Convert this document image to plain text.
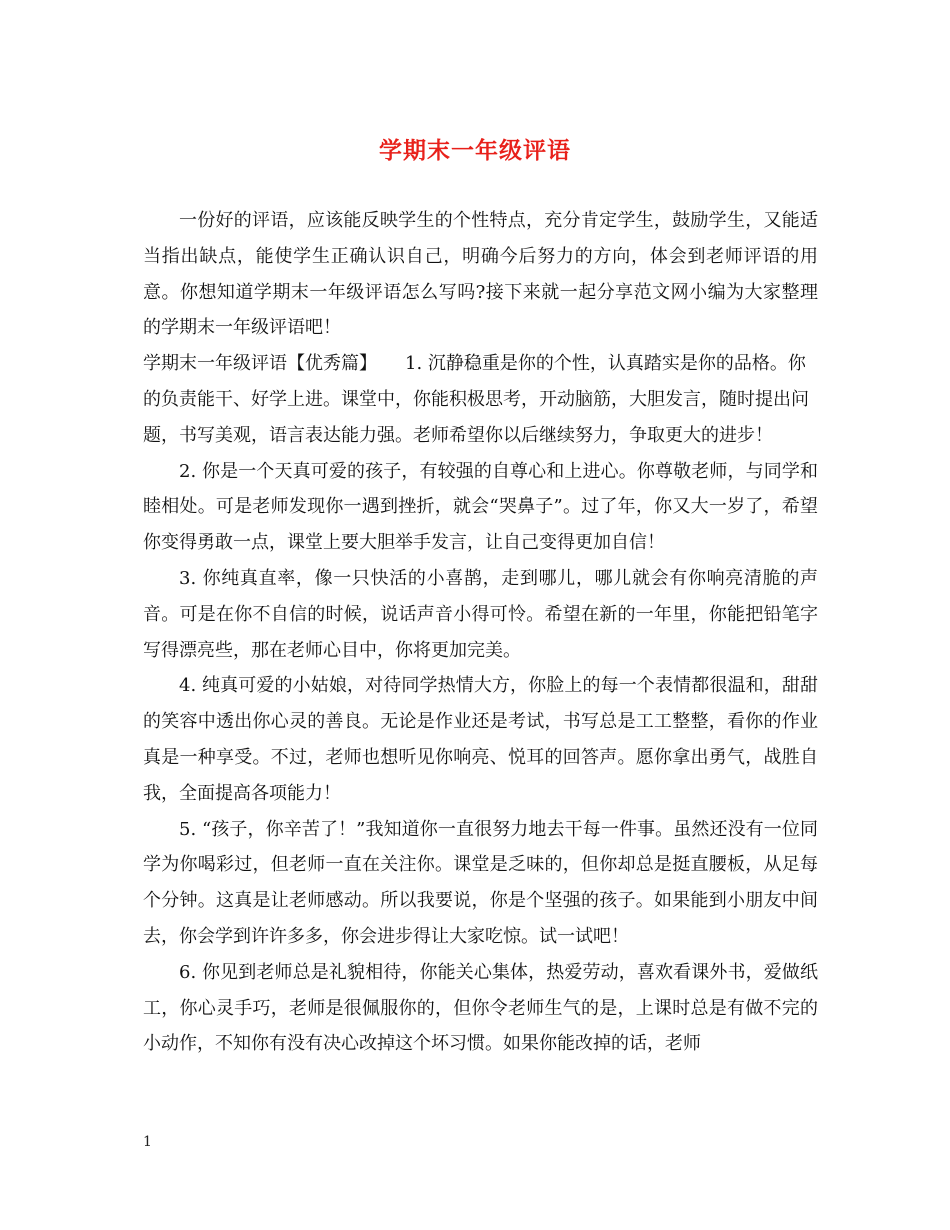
学期末一年级评语

一份好的评语，应该能反映学生的个性特点，充分肯定学生，鼓励学生，又能适当指出缺点，能使学生正确认识自己，明确今后努力的方向，体会到老师评语的用意。你想知道学期末一年级评语怎么写吗?接下来就一起分享范文网小编为大家整理的学期末一年级评语吧！

学期末一年级评语【优秀篇】 1. 沉静稳重是你的个性，认真踏实是你的品格。你的负责能干、好学上进。课堂中，你能积极思考，开动脑筋，大胆发言，随时提出问题，书写美观，语言表达能力强。老师希望你以后继续努力，争取更大的进步！

2. 你是一个天真可爱的孩子，有较强的自尊心和上进心。你尊敬老师，与同学和睦相处。可是老师发现你一遇到挫折，就会“哭鼻子”。过了年，你又大一岁了，希望你变得勇敢一点，课堂上要大胆举手发言，让自己变得更加自信！

3. 你纯真直率，像一只快活的小喜鹊，走到哪儿，哪儿就会有你响亮清脆的声音。可是在你不自信的时候，说话声音小得可怜。希望在新的一年里，你能把铅笔字写得漂亮些，那在老师心目中，你将更加完美。

4. 纯真可爱的小姑娘，对待同学热情大方，你脸上的每一个表情都很温和，甜甜的笑容中透出你心灵的善良。无论是作业还是考试，书写总是工工整整，看你的作业真是一种享受。不过，老师也想听见你响亮、悦耳的回答声。愿你拿出勇气，战胜自我，全面提高各项能力！

5. “孩子，你辛苦了！”我知道你一直很努力地去干每一件事。虽然还没有一位同学为你喝彩过，但老师一直在关注你。课堂是乏味的，但你却总是挺直腰板，从足每个分钟。这真是让老师感动。所以我要说，你是个坚强的孩子。如果能到小朋友中间去，你会学到许许多多，你会进步得让大家吃惊。试一试吧！

6. 你见到老师总是礼貌相待，你能关心集体，热爱劳动，喜欢看课外书，爱做纸工，你心灵手巧，老师是很佩服你的，但你令老师生气的是，上课时总是有做不完的小动作，不知你有没有决心改掉这个坏习惯。如果你能改掉的话，老师

1
